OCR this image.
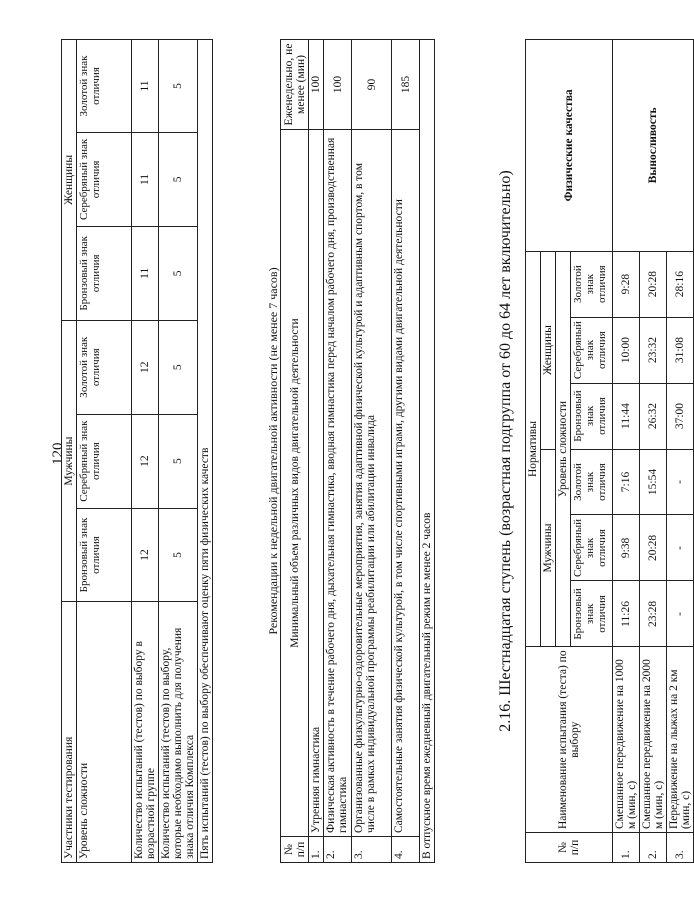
120
Участники тестирования	Мужчины			Женщины		
Уровень сложности	Бронзовый знак отличия	Серебряный знак отличия	Золотой знак отличия	Бронзовый знак отличия	Серебряный знак отличия	Золотой знак отличия
Количество испытаний (тестов) по выбору в возрастной группе	12	12	12	11	11	11
Количество испытаний (тестов) по выбору, которые необходимо выполнить для получения знака отличия Комплекса	5	5	5	5	5	5
Пять испытаний (тестов) по выбору обеспечивают оценку пяти физических качеств							Рекомендации к недельной двигательной активности (не менее 7 часов)
№ п/п	Минимальный объем различных видов двигательной деятельности	Еженедельно, не менее (мин)
1.	Утренняя гимнастика	100
2.	Физическая активность в течение рабочего дня, дыхательная гимнастика, вводная гимнастика перед началом рабочего дня, производственная гимнастика	100
3.	Организованные физкультурно-оздоровительные мероприятия, занятия адаптивной физической культурой и адаптивным спортом, в том числе в рамках индивидуальной программы реабилитации или абилитации инвалида	90
4.	Самостоятельные занятия физической культурой, в том числе спортивными играми, другими видами двигательной деятельности	185
В отпускное время ежедневный двигательный режим не менее 2 часов			2.16. Шестнадцатая ступень (возрастная подгруппа от 60 до 64 лет включительно)
№ п/п	Наименование испытания (теста) по выбору	Нормативы						Физические качества
		Мужчины			Женщины			
		Уровень сложности						
		Бронзовый знак отличия	Серебряный знак отличия	Золотой знак отличия	Бронзовый знак отличия	Серебряный знак отличия	Золотой знак отличия	
1.	Смешанное передвижение на 1000 м (мин, с)	11:26	9:38	7:16	11:44	10:00	9:28	Выносливость
2.	Смешанное передвижение на 2000 м (мин, с)	23:28	20:28	15:54	26:32	23:32	20:28	
3.	Передвижение на лыжах на 2 км (мин, с)	-	-	-	37:00	31:08	28:16	
